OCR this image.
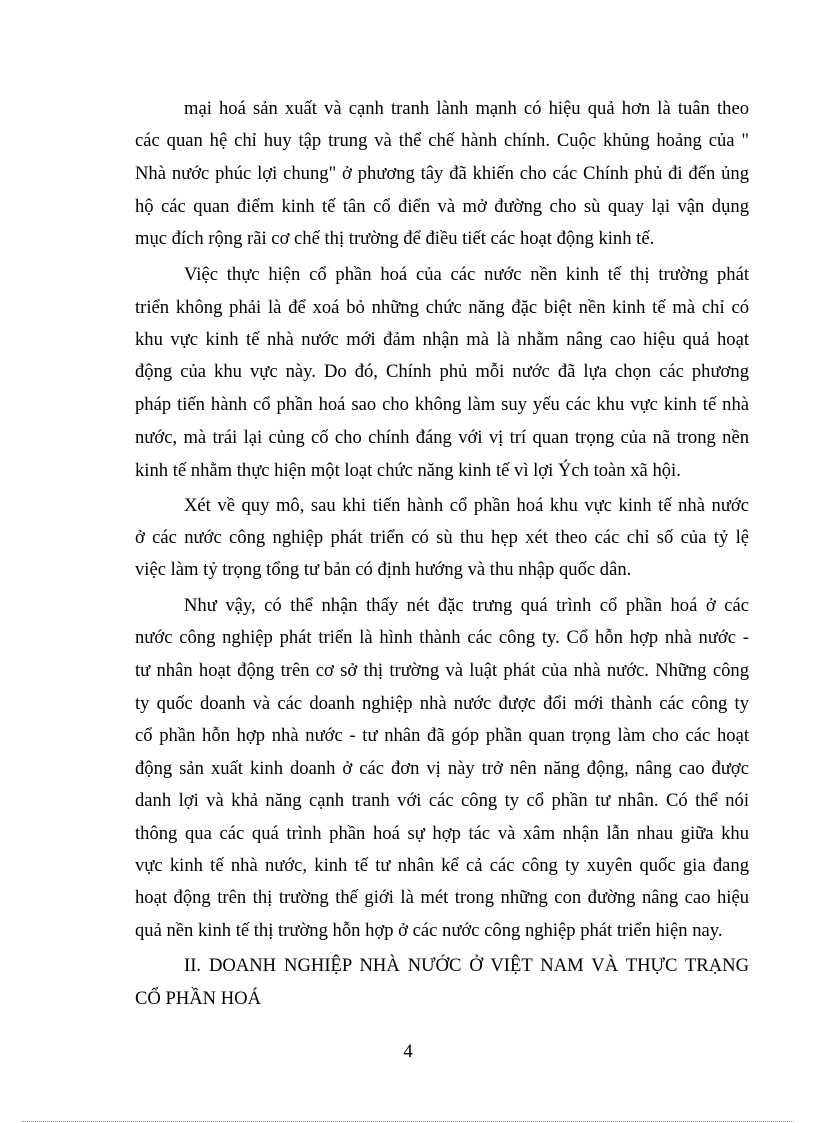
mại hoá sản xuất và cạnh tranh lành mạnh có hiệu quả hơn là tuân theo
các quan hệ chỉ huy tập trung và thể chế hành chính. Cuộc khủng hoảng của "
Nhà nước phúc lợi chung" ở phương tây đã khiến cho các Chính phủ đi đến ủng
hộ các quan điểm kinh tế tân cổ điển và mở đường cho sù quay lại vận dụng
mục đích rộng rãi cơ chế thị trường để điều tiết các hoạt động kinh tế.
Việc thực hiện cổ phần hoá của các nước nền kinh tế thị trường phát
triển không phải là để xoá bỏ những chức năng đặc biệt nền kinh tế mà chỉ có
khu vực kinh tế nhà nước mới đảm nhận mà là nhằm nâng cao hiệu quả hoạt
động của khu vực này. Do đó, Chính phủ mỗi nước đã lựa chọn các phương
pháp tiến hành cổ phần hoá sao cho không làm suy yếu các khu vực kinh tế nhà
nước, mà trái lại củng cố cho chính đáng với vị trí quan trọng của nã trong nền
kinh tế nhằm thực hiện một loạt chức năng kinh tế vì lợi Ých toàn xã hội.
Xét về quy mô, sau khi tiến hành cổ phần hoá khu vực kinh tế nhà nước
ở các nước công nghiệp phát triển có sù thu hẹp xét theo các chỉ số của tỷ lệ
việc làm tỷ trọng tổng tư bản có định hướng và thu nhập quốc dân.
Như vậy, có thể nhận thấy nét đặc trưng quá trình cổ phần hoá ở các
nước công nghiệp phát triển là hình thành các công ty. Cổ hỗn hợp nhà nước -
tư nhân hoạt động trên cơ sở thị trường và luật phát của nhà nước. Những công
ty quốc doanh và các doanh nghiệp nhà nước được đổi mới thành các công ty
cổ phần hỗn hợp nhà nước - tư nhân đã góp phần quan trọng làm cho các hoạt
động sản xuất kinh doanh ở các đơn vị này trở nên năng động, nâng cao được
danh lợi và khả năng cạnh tranh với các công ty cổ phần tư nhân. Có thể nói
thông qua các quá trình phần hoá sự hợp tác và xâm nhận lẫn nhau giữa khu
vực kinh tế nhà nước, kinh tế tư nhân kể cả các công ty xuyên quốc gia đang
hoạt động trên thị trường thế giới là mét trong những con đường nâng cao hiệu
quả nền kinh tế thị trường hỗn hợp ở các nước công nghiệp phát triển hiện nay.
II. DOANH NGHIỆP NHÀ NƯỚC Ở VIỆT NAM VÀ THỰC TRẠNG
CỔ PHẦN HOÁ
4
